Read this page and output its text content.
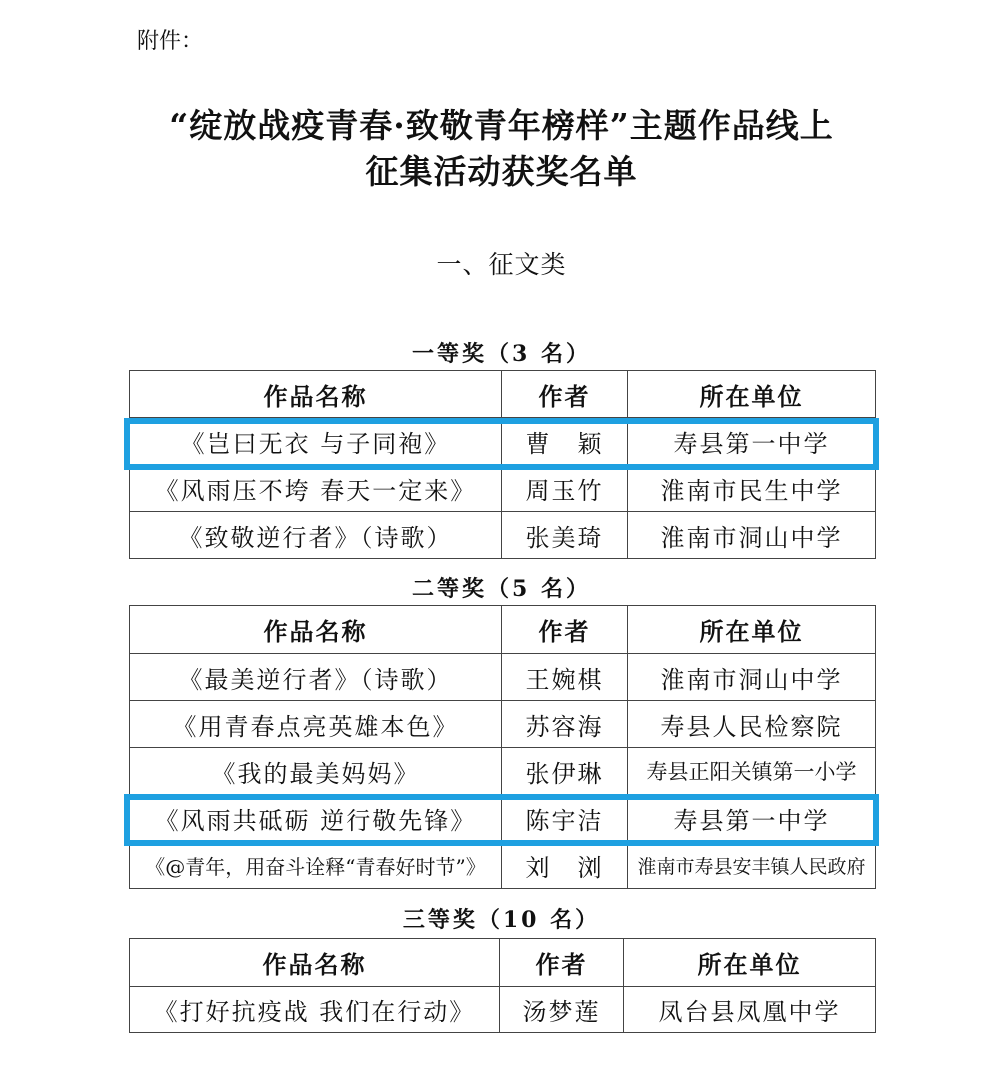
附件：
“绽放战疫青春·致敬青年榜样”主题作品线上
征集活动获奖名单
一、征文类
一等奖（3 名）
作品名称	作者	所在单位
《岂曰无衣 与子同袍》	曹　颖	寿县第一中学
《风雨压不垮 春天一定来》	周玉竹	淮南市民生中学
《致敬逆行者》（诗歌）	张美琦	淮南市洞山中学
二等奖（5 名）
作品名称	作者	所在单位
《最美逆行者》（诗歌）	王婉棋	淮南市洞山中学
《用青春点亮英雄本色》	苏容海	寿县人民检察院
《我的最美妈妈》	张伊琳	寿县正阳关镇第一小学
《风雨共砥砺 逆行敬先锋》	陈宇洁	寿县第一中学
《@青年，用奋斗诠释“青春好时节”》	刘　浏	淮南市寿县安丰镇人民政府
三等奖（10 名）
作品名称	作者	所在单位
《打好抗疫战 我们在行动》	汤梦莲	凤台县凤凰中学
